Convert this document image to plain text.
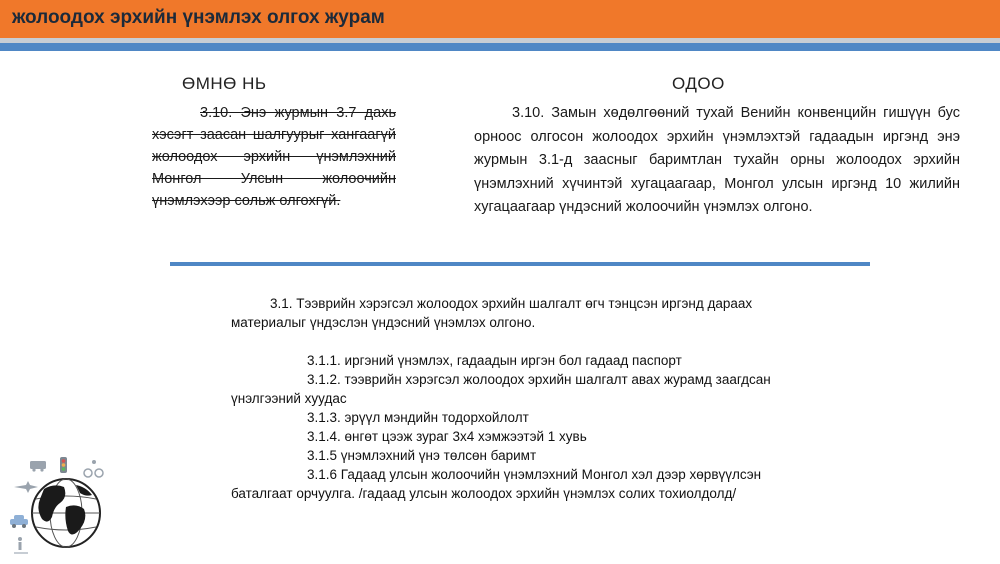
жолоодох эрхийн үнэмлэх олгох журам
ӨМНӨ НЬ
3.10. Энэ журмын 3.7 дахь хэсэгт заасан шалгуурыг хангаагүй жолоодох эрхийн үнэмлэхний Монгол Улсын жолоочийн үнэмлэхээр сольж олгохгүй.
ОДОО
3.10. Замын хөдөлгөөний тухай Венийн конвенцийн гишүүн бус орноос олгосон жолоодох эрхийн үнэмлэхтэй гадаадын иргэнд энэ журмын 3.1-д заасныг баримтлан тухайн орны жолоодох эрхийн үнэмлэхний хүчинтэй хугацаагаар, Монгол улсын иргэнд 10 жилийн хугацаагаар үндэсний жолоочийн үнэмлэх олгоно.

3.1. Тээврийн хэрэгсэл жолоодох эрхийн шалгалт өгч тэнцсэн иргэнд дараах материалыг үндэслэн үндэсний үнэмлэх олгоно.

3.1.1. иргэний үнэмлэх, гадаадын иргэн бол гадаад паспорт

3.1.2. тээврийн хэрэгсэл жолоодох эрхийн шалгалт авах журамд заагдсан үнэлгээний хуудас

3.1.3. эрүүл мэндийн тодорхойлолт

3.1.4. өнгөт цээж зураг 3х4 хэмжээтэй 1 хувь

3.1.5 үнэмлэхний үнэ төлсөн баримт

3.1.6 Гадаад улсын жолоочийн үнэмлэхний Монгол хэл дээр хөрвүүлсэн баталгаат орчуулга. /гадаад улсын жолоодох эрхийн үнэмлэх солих тохиолдолд/
